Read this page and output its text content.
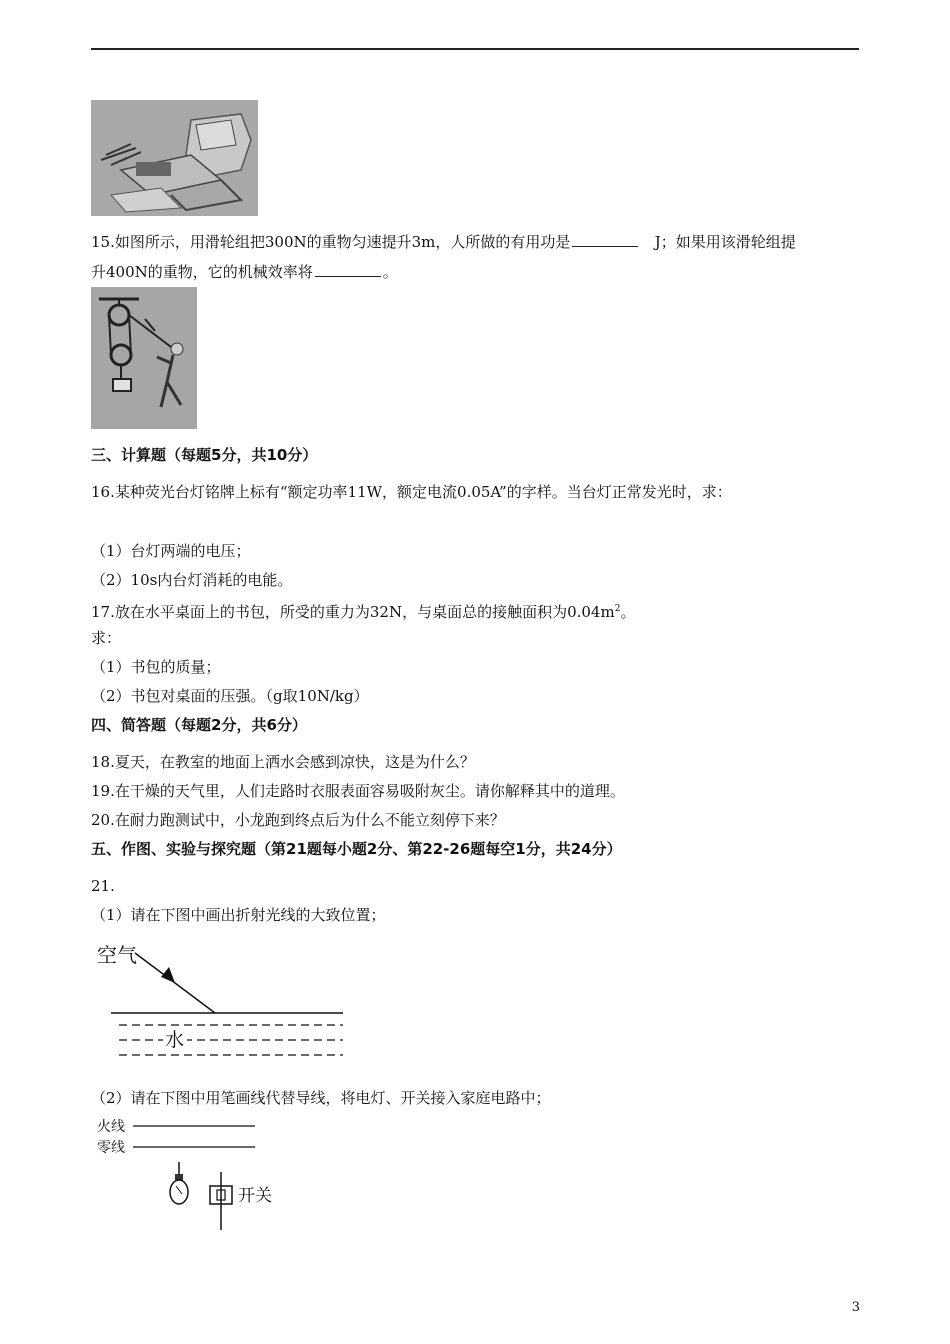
15.如图所示，用滑轮组把300N的重物匀速提升3m，人所做的有用功是	J；如果用该滑轮组提
升400N的重物，它的机械效率将	。
三、计算题（每题5分，共10分）
16.某种荧光台灯铭牌上标有“额定功率11W，额定电流0.05A”的字样。当台灯正常发光时，求：
（1）台灯两端的电压；
（2）10s内台灯消耗的电能。
17.放在水平桌面上的书包，所受的重力为32N，与桌面总的接触面积为$0.04m^2$。
求：
（1）书包的质量；
（2）书包对桌面的压强。（g取10N/kg）
四、简答题（每题2分，共6分）
18.夏天，在教室的地面上洒水会感到凉快，这是为什么？
19.在干燥的天气里，人们走路时衣服表面容易吸附灰尘。请你解释其中的道理。
20.在耐力跑测试中，小龙跑到终点后为什么不能立刻停下来？
五、作图、实验与探究题（第21题每小题2分、第22-26题每空1分，共24分）
21.
（1）请在下图中画出折射光线的大致位置；
空气
水
（2）请在下图中用笔画线代替导线，将电灯、开关接入家庭电路中；
火线
零线
开关
3
